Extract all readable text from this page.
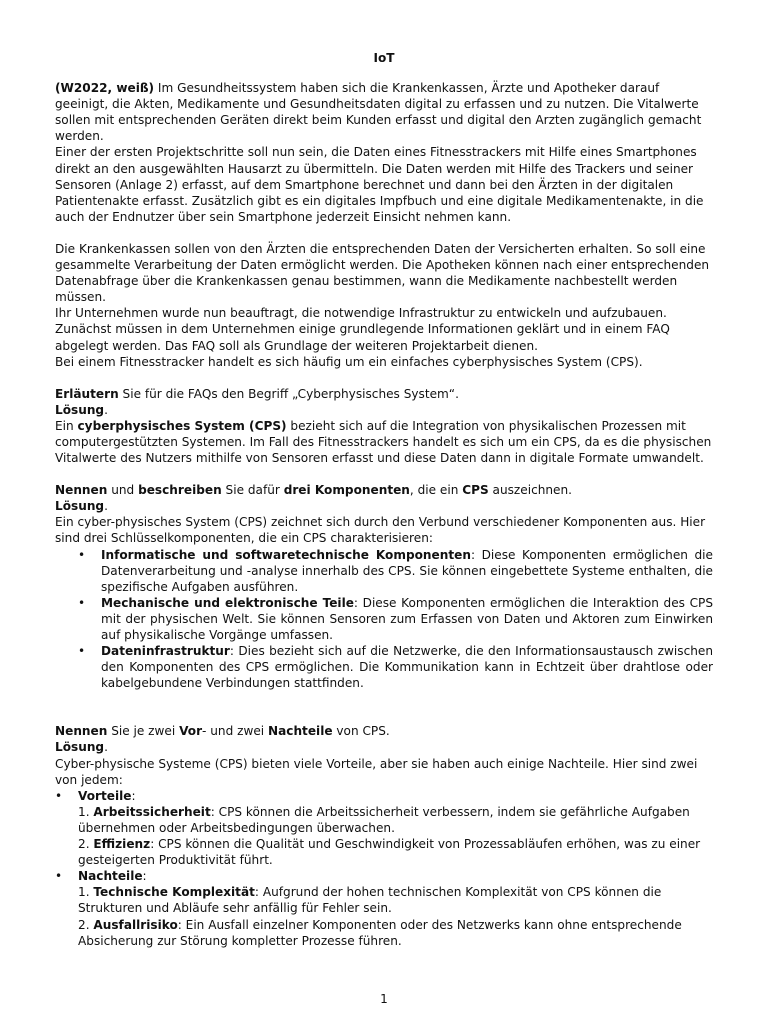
IoT

(W2022, weiß) Im Gesundheitssystem haben sich die Krankenkassen, Ärzte und Apotheker darauf geeinigt, die Akten, Medikamente und Gesundheitsdaten digital zu erfassen und zu nutzen. Die Vitalwerte sollen mit entsprechenden Geräten direkt beim Kunden erfasst und digital den Arzten zugänglich gemacht werden.

Einer der ersten Projektschritte soll nun sein, die Daten eines Fitnesstrackers mit Hilfe eines Smartphones direkt an den ausgewählten Hausarzt zu übermitteln. Die Daten werden mit Hilfe des Trackers und seiner Sensoren (Anlage 2) erfasst, auf dem Smartphone berechnet und dann bei den Ärzten in der digitalen Patientenakte erfasst. Zusätzlich gibt es ein digitales Impfbuch und eine digitale Medikamentenakte, in die auch der Endnutzer über sein Smartphone jederzeit Einsicht nehmen kann.

Die Krankenkassen sollen von den Ärzten die entsprechenden Daten der Versicherten erhalten. So soll eine gesammelte Verarbeitung der Daten ermöglicht werden. Die Apotheken können nach einer entsprechenden Datenabfrage über die Krankenkassen genau bestimmen, wann die Medikamente nachbestellt werden müssen.

Ihr Unternehmen wurde nun beauftragt, die notwendige Infrastruktur zu entwickeln und aufzubauen.

Zunächst müssen in dem Unternehmen einige grundlegende Informationen geklärt und in einem FAQ abgelegt werden. Das FAQ soll als Grundlage der weiteren Projektarbeit dienen.

Bei einem Fitnesstracker handelt es sich häufig um ein einfaches cyberphysisches System (CPS).

Erläutern Sie für die FAQs den Begriff „Cyberphysisches System“.

Lösung.

Ein cyberphysisches System (CPS) bezieht sich auf die Integration von physikalischen Prozessen mit computergestützten Systemen. Im Fall des Fitnesstrackers handelt es sich um ein CPS, da es die physischen Vitalwerte des Nutzers mithilfe von Sensoren erfasst und diese Daten dann in digitale Formate umwandelt.

Nennen und beschreiben Sie dafür drei Komponenten, die ein CPS auszeichnen.

Lösung.

Ein cyber-physisches System (CPS) zeichnet sich durch den Verbund verschiedener Komponenten aus. Hier sind drei Schlüsselkomponenten, die ein CPS charakterisieren:

• Informatische und softwaretechnische Komponenten: Diese Komponenten ermöglichen die Datenverarbeitung und -analyse innerhalb des CPS. Sie können eingebettete Systeme enthalten, die spezifische Aufgaben ausführen.
• Mechanische und elektronische Teile: Diese Komponenten ermöglichen die Interaktion des CPS mit der physischen Welt. Sie können Sensoren zum Erfassen von Daten und Aktoren zum Einwirken auf physikalische Vorgänge umfassen.
• Dateninfrastruktur: Dies bezieht sich auf die Netzwerke, die den Informationsaustausch zwischen den Komponenten des CPS ermöglichen. Die Kommunikation kann in Echtzeit über drahtlose oder kabelgebundene Verbindungen stattfinden.

Nennen Sie je zwei Vor- und zwei Nachteile von CPS.

Lösung.

Cyber-physische Systeme (CPS) bieten viele Vorteile, aber sie haben auch einige Nachteile. Hier sind zwei von jedem:

• Vorteile:
1. Arbeitssicherheit: CPS können die Arbeitssicherheit verbessern, indem sie gefährliche Aufgaben übernehmen oder Arbeitsbedingungen überwachen.
2. Effizienz: CPS können die Qualität und Geschwindigkeit von Prozessabläufen erhöhen, was zu einer gesteigerten Produktivität führt.
• Nachteile:
1. Technische Komplexität: Aufgrund der hohen technischen Komplexität von CPS können die Strukturen und Abläufe sehr anfällig für Fehler sein.
2. Ausfallrisiko: Ein Ausfall einzelner Komponenten oder des Netzwerks kann ohne entsprechende Absicherung zur Störung kompletter Prozesse führen.
1
